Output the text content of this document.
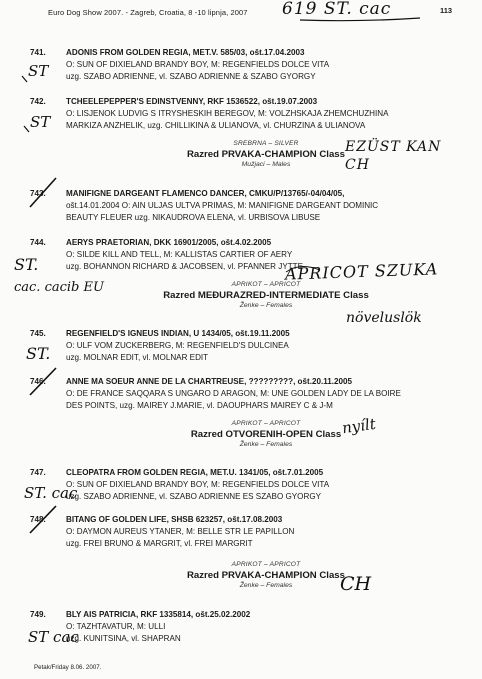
Euro Dog Show 2007. - Zagreb, Croatia, 8 -10 lipnja, 2007 619 ST. cac	113
741. ADONIS FROM GOLDEN REGIA, MET.V. 585/03, ošt.17.04.2003
O: SUN OF DIXIELAND BRANDY BOY, M: REGENFIELDS DOLCE VITA
uzg. SZABO ADRIENNE, vl. SZABO ADRIENNE & SZABO GYORGY
742. TCHEELEPEPPER'S EDINSTVENNY, RKF 1536522, ošt.19.07.2003
O: LISJENOK LUDVIG S ITRYSHESKIH BEREGOV, M: VOLZHSKAJA ZHEMCHUZHINA
MARKIZA ANZHELIK, uzg. CHILLIKINA & ULIANOVA, vl. CHURZINA & ULIANOVA
SREBRNA – SILVER
Razred PRVAKA-CHAMPION Class
Mužjaci – Males
743. MANIFIGNE DARGEANT FLAMENCO DANCER, CMKU/P/13765/-04/04/05,
ošt.14.01.2004 O: AIN ULJAS ULTVA PRIMAS, M: MANIFIGNE DARGEANT DOMINIC
BEAUTY FLEUER uzg. NIKAUDROVA ELENA, vl. URBISOVA LIBUSE
744. AERYS PRAETORIAN, DKK 16901/2005, ošt.4.02.2005
O: SILDE KILL AND TELL, M: KALLISTAS CARTIER OF AERY
uzg. BOHANNON RICHARD & JACOBSEN, vl. PFANNER JYTTE
APRIKOT – APRICOT
Razred MEĐURAZRED-INTERMEDIATE Class
Ženke – Females
745. REGENFIELD'S IGNEUS INDIAN, U 1434/05, ošt.19.11.2005
O: ULF VOM ZUCKERBERG, M: REGENFIELD'S DULCINEA
uzg. MOLNAR EDIT, vl. MOLNAR EDIT
746. ANNE MA SOEUR ANNE DE LA CHARTREUSE, ?????????, ošt.20.11.2005
O: DE FRANCE SAQQARA S UNGARO D ARAGON, M: UNE GOLDEN LADY DE LA BOIRE
DES POINTS, uzg. MAIREY J.MARIE, vl. DAOUPHARS MAIREY C & J-M
APRIKOT – APRICOT
Razred OTVORENIH-OPEN Class
Ženke – Females
747. CLEOPATRA FROM GOLDEN REGIA, MET.U. 1341/05, ošt.7.01.2005
O: SUN OF DIXIELAND BRANDY BOY, M: REGENFIELDS DOLCE VITA
uzg. SZABO ADRIENNE, vl. SZABO ADRIENNE ES SZABO GYORGY
748. BITANG OF GOLDEN LIFE, SHSB 623257, ošt.17.08.2003
O: DAYMON AUREUS YTANER, M: BELLE STR LE PAPILLON
uzg. FREI BRUNO & MARGRIT, vl. FREI MARGRIT
APRIKOT – APRICOT
Razred PRVAKA-CHAMPION Class
Ženke – Females
749. BLY AIS PATRICIA, RKF 1335814, ošt.25.02.2002
O: TAZHTAVATUR, M: ULLI
uzg. KUNITSINA, vl. SHAPRAN
Petak/Friday 8.06. 2007.
ST
ST
EZÜST KAN CH
ST.
cac. cacib EU
APRICOT SZUKA
növeluslök
ST.
nyílt
ST. cac
CH
ST cac
